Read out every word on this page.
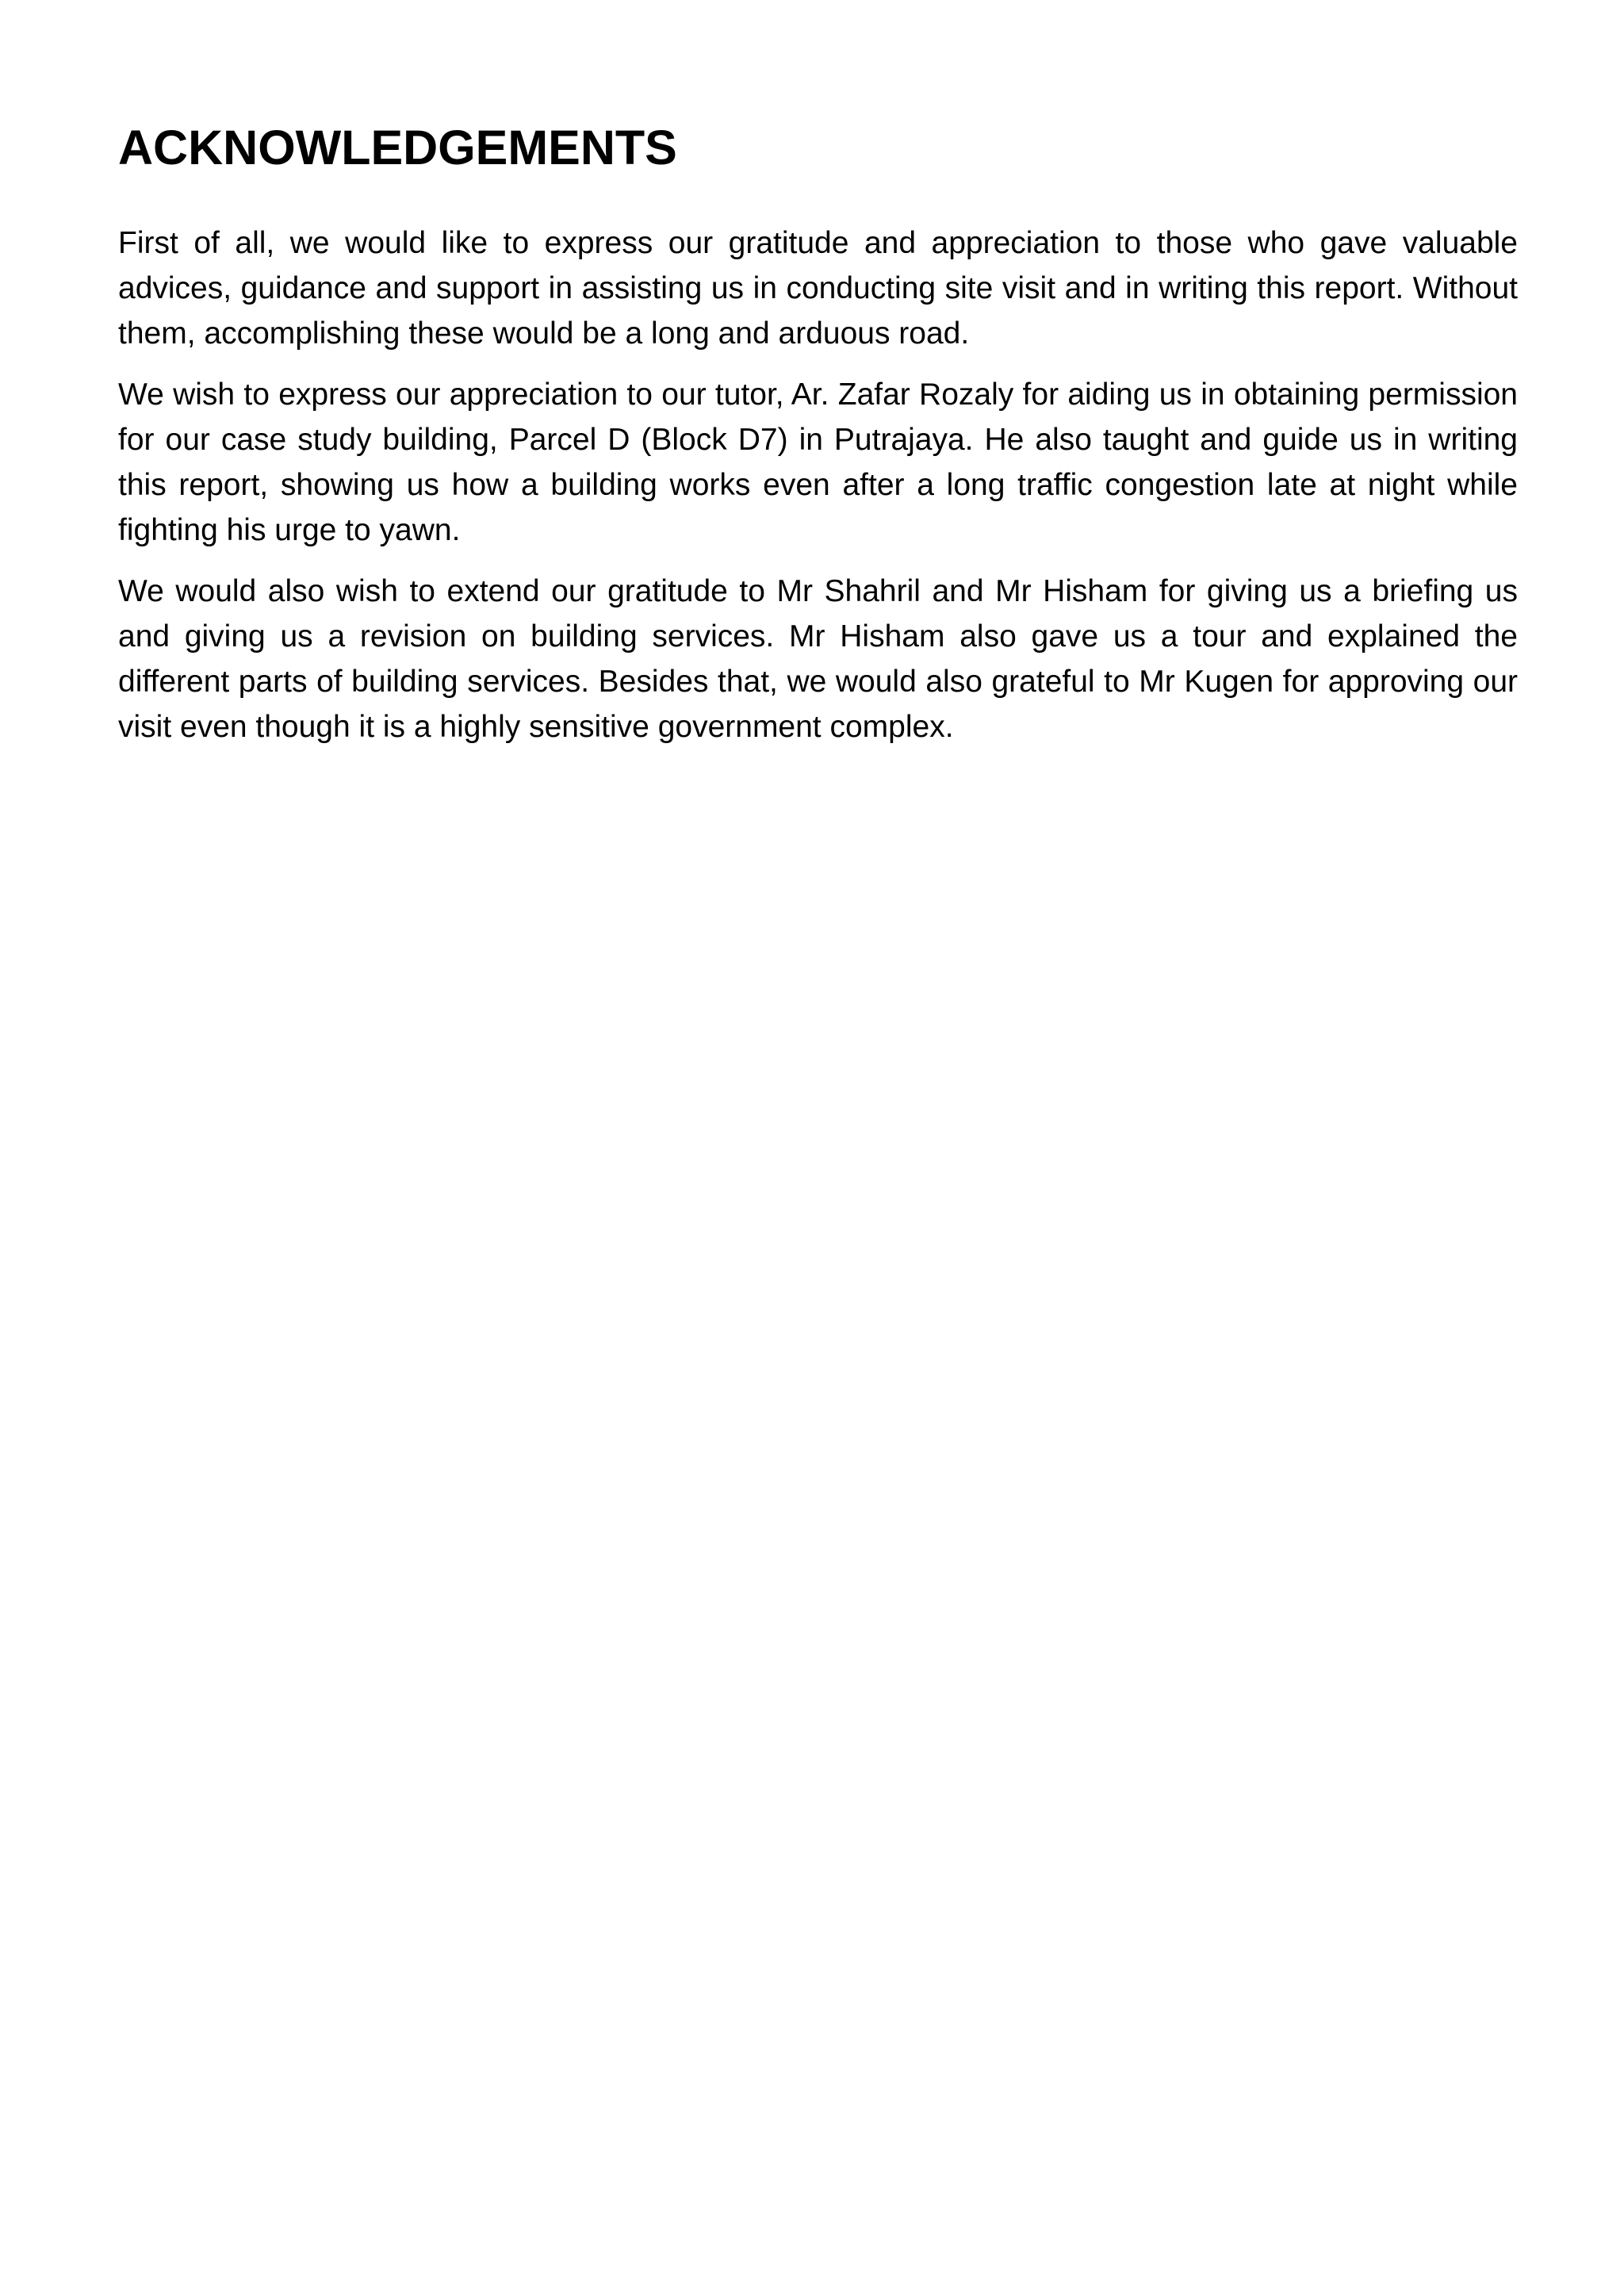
ACKNOWLEDGEMENTS

First of all, we would like to express our gratitude and appreciation to those who gave valuable advices, guidance and support in assisting us in conducting site visit and in writing this report. Without them, accomplishing these would be a long and arduous road.

We wish to express our appreciation to our tutor, Ar. Zafar Rozaly for aiding us in obtaining permission for our case study building, Parcel D (Block D7) in Putrajaya. He also taught and guide us in writing this report, showing us how a building works even after a long traffic congestion late at night while fighting his urge to yawn.

We would also wish to extend our gratitude to Mr Shahril and Mr Hisham for giving us a briefing us and giving us a revision on building services. Mr Hisham also gave us a tour and explained the different parts of building services. Besides that, we would also grateful to Mr Kugen for approving our visit even though it is a highly sensitive government complex.
